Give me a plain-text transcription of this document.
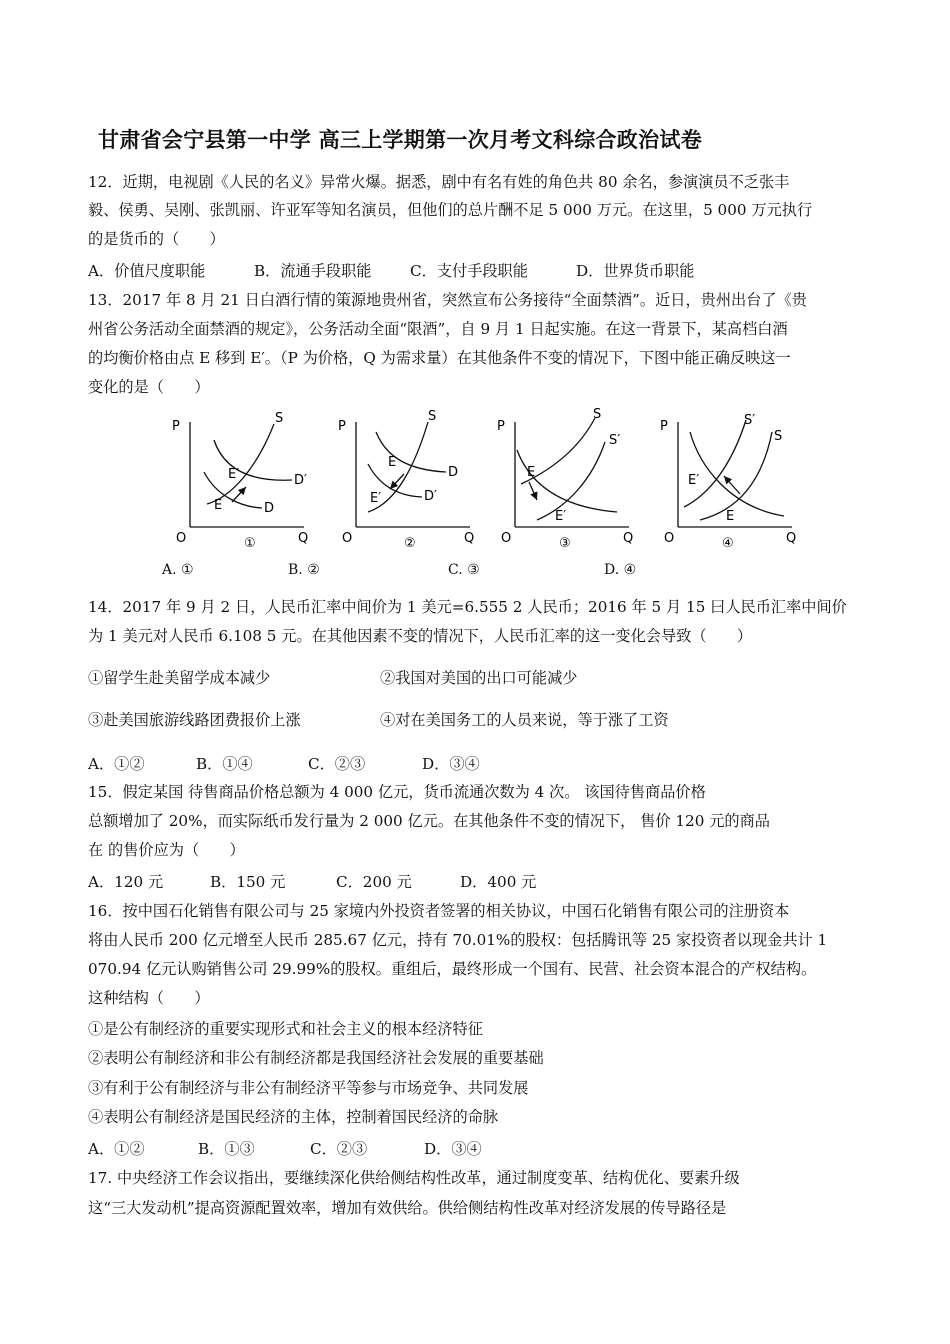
甘肃省会宁县第一中学 高三上学期第一次月考文科综合政治试卷
12．近期，电视剧《人民的名义》异常火爆。据悉，剧中有名有姓的角色共 80 余名，参演演员不乏张丰
毅、侯勇、吴刚、张凯丽、许亚军等知名演员，但他们的总片酬不足 5 000 万元。在这里，5 000 万元执行
的是货币的（　　）
A．价值尺度职能	B．流通手段职能	C．支付手段职能	D．世界货币职能
13．2017 年 8 月 21 日白酒行情的策源地贵州省，突然宣布公务接待“全面禁酒”。近日，贵州出台了《贵
州省公务活动全面禁酒的规定》，公务活动全面“限酒”，自 9 月 1 日起实施。在这一背景下，某高档白酒
的均衡价格由点 E 移到 E′。（P 为价格，Q 为需求量）在其他条件不变的情况下，下图中能正确反映这一
变化的是（　　）
P
Q
O
S
D′
D
E′
E
①
P
Q
O
S
D′
D
E′
E
②
P
Q
O
S
S′
E′
E
③
P
Q
O
S
S′
E′
E
④
A. ①	B. ②	C. ③	D. ④
14．2017 年 9 月 2 日，人民币汇率中间价为 1 美元=6.555 2 人民币；2016 年 5 月 15 曰人民币汇率中间价
为 1 美元对人民币 6.108 5 元。在其他因素不变的情况下，人民币汇率的这一变化会导致（　　）
①留学生赴美留学成本减少	②我国对美国的出口可能减少
③赴美国旅游线路团费报价上涨	④对在美国务工的人员来说，等于涨了工资
A．①②	B．①④	C．②③	D．③④
15．假定某国 待售商品价格总额为 4 000 亿元，货币流通次数为 4 次。 该国待售商品价格
总额增加了 20%，而实际纸币发行量为 2 000 亿元。在其他条件不变的情况下， 售价 120 元的商品
在 的售价应为（　　）
A．120 元	B．150 元	C．200 元	D．400 元
16．按中国石化销售有限公司与 25 家境内外投资者签署的相关协议，中国石化销售有限公司的注册资本
将由人民币 200 亿元增至人民币 285.67 亿元，持有 70.01%的股权：包括腾讯等 25 家投资者以现金共计 1
070.94 亿元认购销售公司 29.99%的股权。重组后，最终形成一个国有、民营、社会资本混合的产权结构。
这种结构（　　）
①是公有制经济的重要实现形式和社会主义的根本经济特征
②表明公有制经济和非公有制经济都是我国经济社会发展的重要基础
③有利于公有制经济与非公有制经济平等参与市场竞争、共同发展
④表明公有制经济是国民经济的主体，控制着国民经济的命脉
A．①②	B．①③	C．②③	D．③④
17. 中央经济工作会议指出，要继续深化供给侧结构性改革，通过制度变革、结构优化、要素升级
这“三大发动机”提高资源配置效率，增加有效供给。供给侧结构性改革对经济发展的传导路径是
